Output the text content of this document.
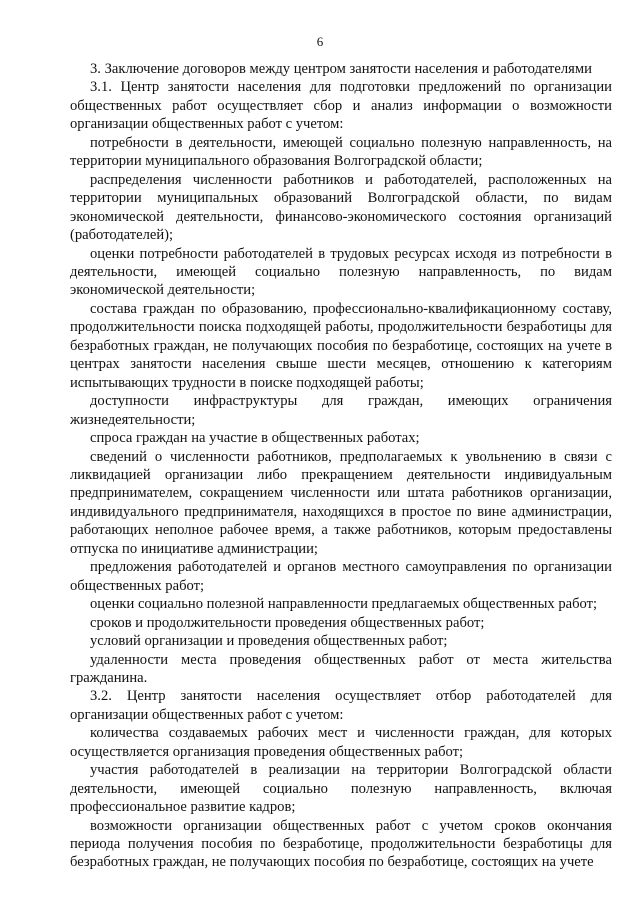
6

3. Заключение договоров между центром занятости населения и работодателями

3.1. Центр занятости населения для подготовки предложений по организации общественных работ осуществляет сбор и анализ информации о возможности организации общественных работ с учетом:

потребности в деятельности, имеющей социально полезную направленность, на территории муниципального образования Волгоградской области;

распределения численности работников и работодателей, расположенных на территории муниципальных образований Волгоградской области, по видам экономической деятельности, финансово-экономического состояния организаций (работодателей);

оценки потребности работодателей в трудовых ресурсах исходя из потребности в деятельности, имеющей социально полезную направленность, по видам экономической деятельности;

состава граждан по образованию, профессионально-квалификационному составу, продолжительности поиска подходящей работы, продолжительности безработицы для безработных граждан, не получающих пособия по безработице, состоящих на учете в центрах занятости населения свыше шести месяцев, отношению к категориям испытывающих трудности в поиске подходящей работы;

доступности инфраструктуры для граждан, имеющих ограничения жизнедеятельности;

спроса граждан на участие в общественных работах;

сведений о численности работников, предполагаемых к увольнению в связи с ликвидацией организации либо прекращением деятельности индивидуальным предпринимателем, сокращением численности или штата работников организации, индивидуального предпринимателя, находящихся в простое по вине администрации, работающих неполное рабочее время, а также работников, которым предоставлены отпуска по инициативе администрации;

предложения работодателей и органов местного самоуправления по организации общественных работ;

оценки социально полезной направленности предлагаемых общественных работ;

сроков и продолжительности проведения общественных работ;

условий организации и проведения общественных работ;

удаленности места проведения общественных работ от места жительства гражданина.

3.2. Центр занятости населения осуществляет отбор работодателей для организации общественных работ с учетом:

количества создаваемых рабочих мест и численности граждан, для которых осуществляется организация проведения общественных работ;

участия работодателей в реализации на территории Волгоградской области деятельности, имеющей социально полезную направленность, включая профессиональное развитие кадров;

возможности организации общественных работ с учетом сроков окончания периода получения пособия по безработице, продолжительности безработицы для безработных граждан, не получающих пособия по безработице, состоящих на учете
